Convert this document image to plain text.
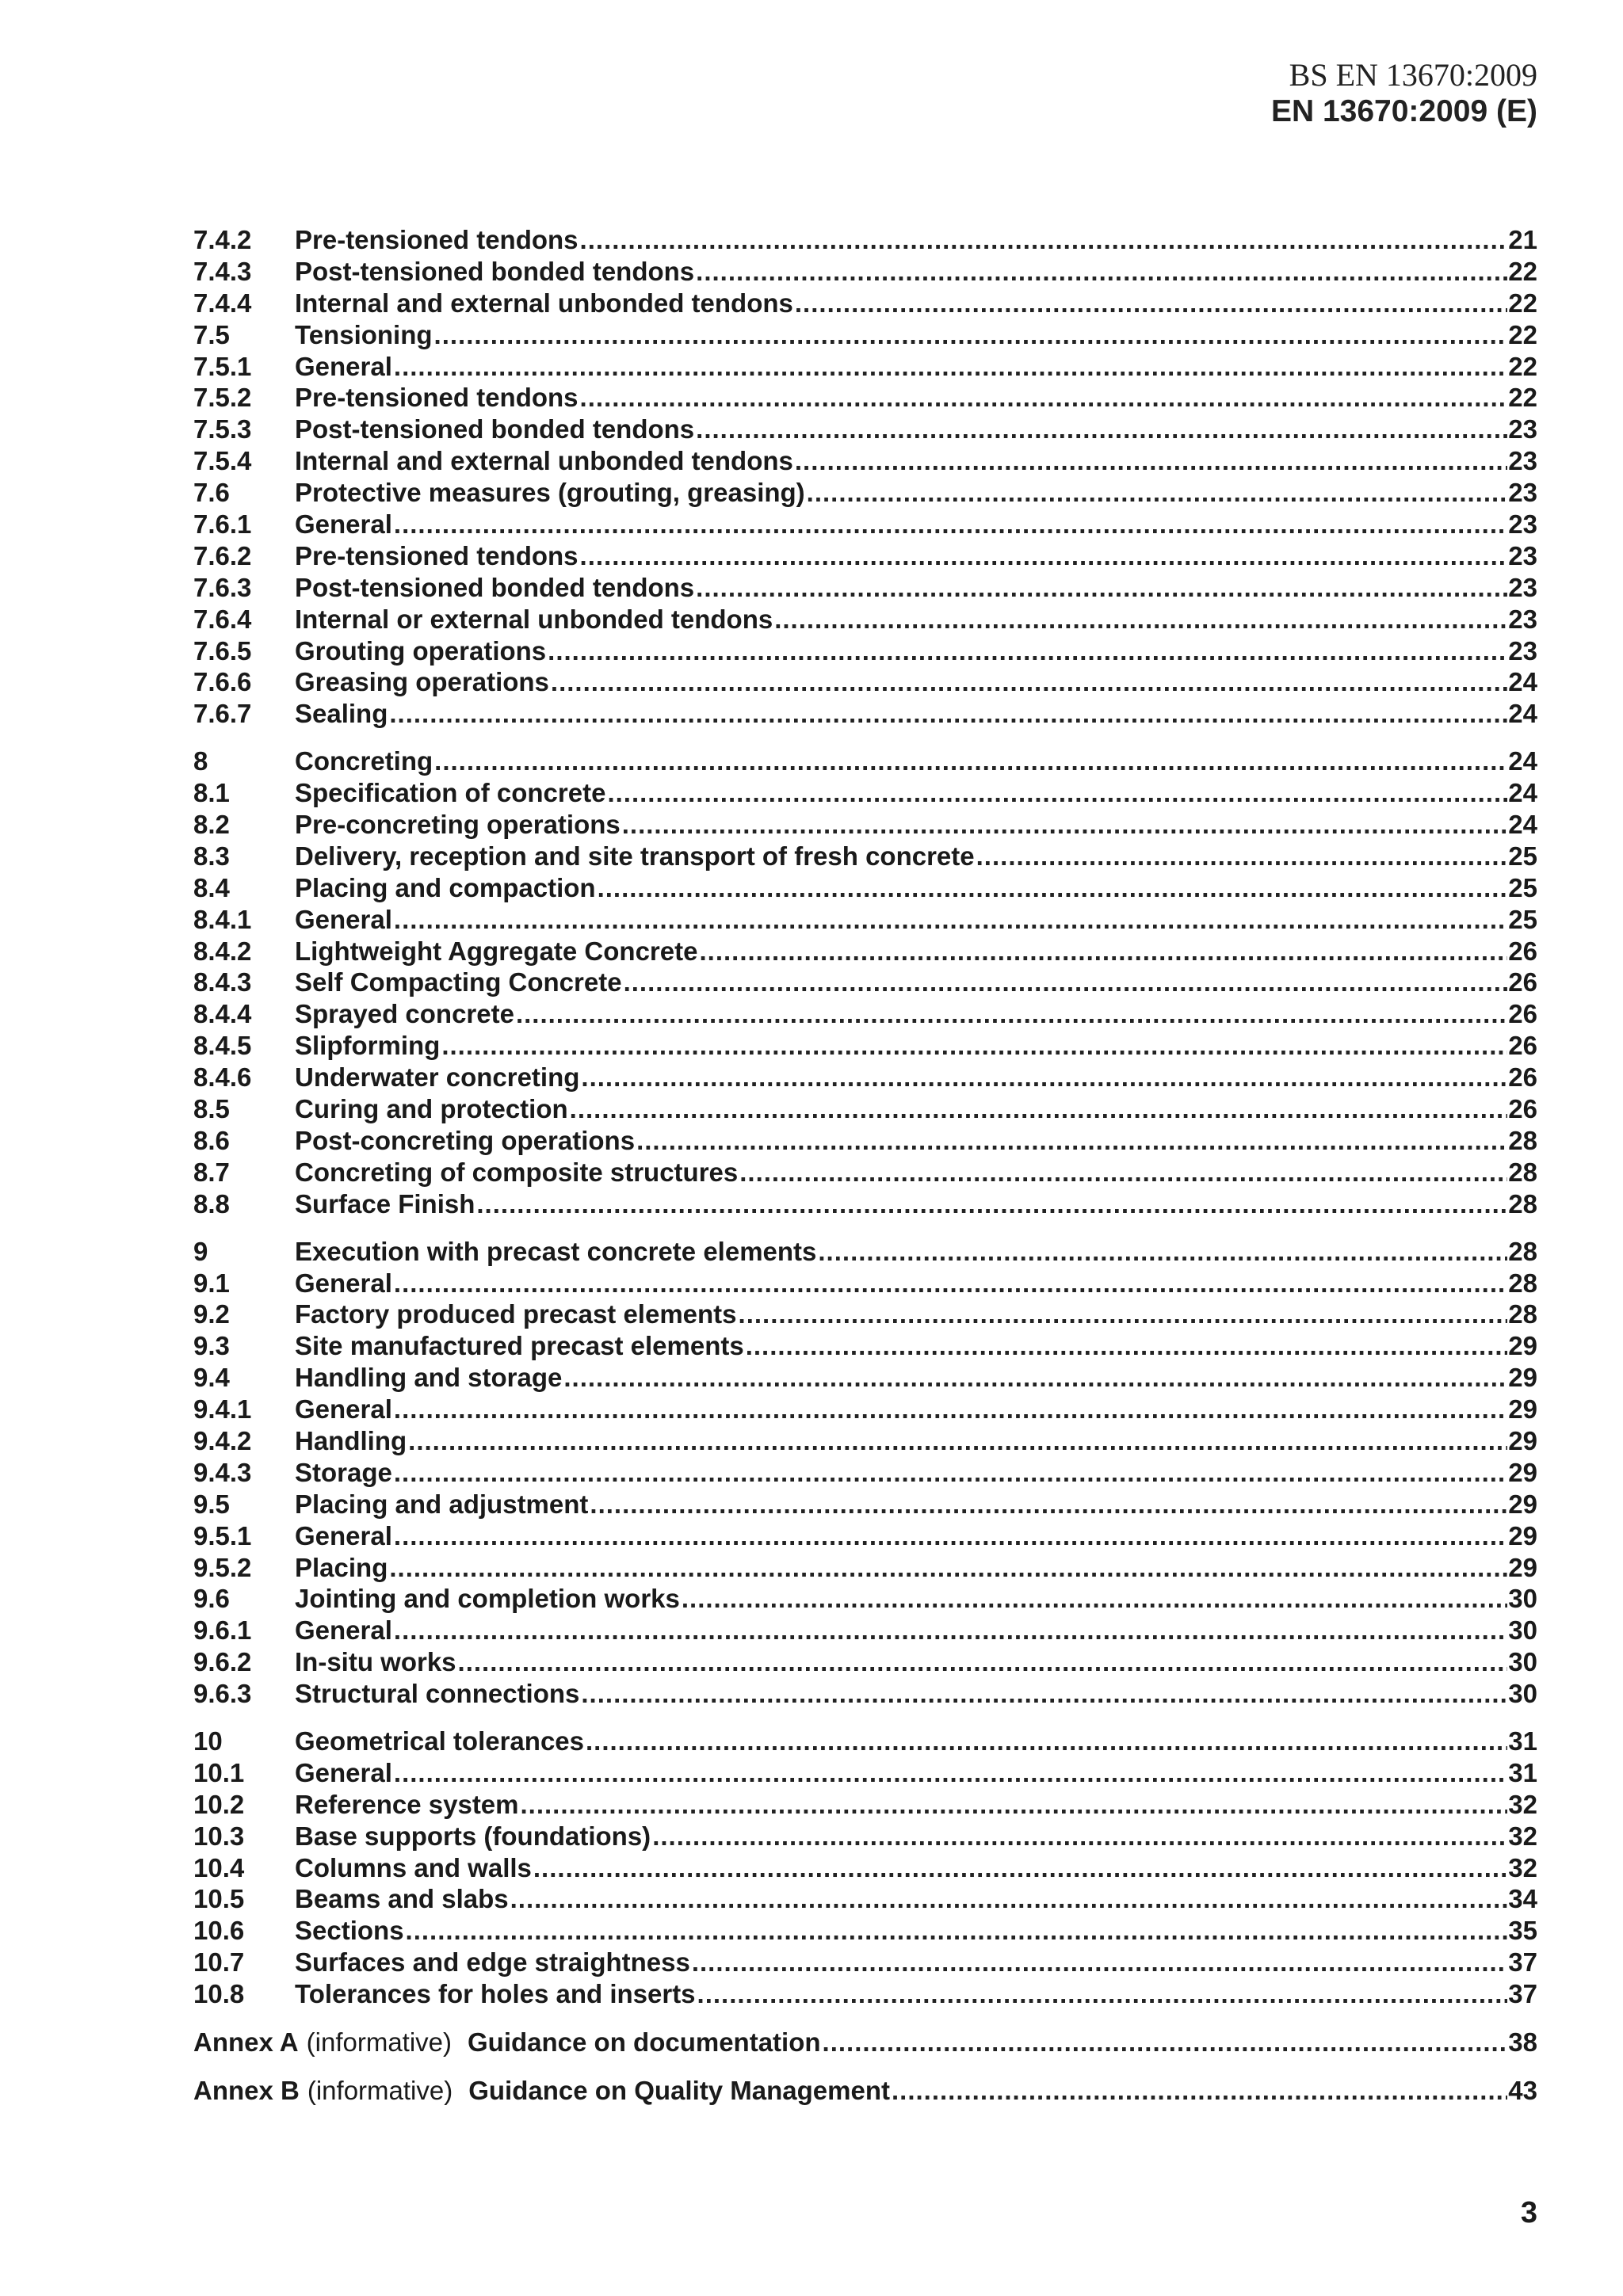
BS EN 13670:2009
EN 13670:2009 (E)
7.4.2	Pre-tensioned tendons .....	21
7.4.3	Post-tensioned bonded tendons .....	22
7.4.4	Internal and external unbonded tendons .....	22
7.5	Tensioning .....	22
7.5.1	General .....	22
7.5.2	Pre-tensioned tendons .....	22
7.5.3	Post-tensioned bonded tendons .....	23
7.5.4	Internal and external unbonded tendons .....	23
7.6	Protective measures (grouting, greasing) .....	23
7.6.1	General .....	23
7.6.2	Pre-tensioned tendons .....	23
7.6.3	Post-tensioned bonded tendons .....	23
7.6.4	Internal or external unbonded tendons .....	23
7.6.5	Grouting operations .....	23
7.6.6	Greasing operations .....	24
7.6.7	Sealing .....	24
8	Concreting .....	24
8.1	Specification of concrete .....	24
8.2	Pre-concreting operations .....	24
8.3	Delivery, reception and site transport of fresh concrete .....	25
8.4	Placing and compaction .....	25
8.4.1	General .....	25
8.4.2	Lightweight Aggregate Concrete .....	26
8.4.3	Self Compacting Concrete .....	26
8.4.4	Sprayed concrete .....	26
8.4.5	Slipforming .....	26
8.4.6	Underwater concreting .....	26
8.5	Curing and protection .....	26
8.6	Post-concreting operations .....	28
8.7	Concreting of composite structures .....	28
8.8	Surface Finish .....	28
9	Execution with precast concrete elements .....	28
9.1	General .....	28
9.2	Factory produced precast elements .....	28
9.3	Site manufactured precast elements .....	29
9.4	Handling and storage .....	29
9.4.1	General .....	29
9.4.2	Handling .....	29
9.4.3	Storage .....	29
9.5	Placing and adjustment .....	29
9.5.1	General .....	29
9.5.2	Placing .....	29
9.6	Jointing and completion works .....	30
9.6.1	General .....	30
9.6.2	In-situ works .....	30
9.6.3	Structural connections .....	30
10	Geometrical tolerances .....	31
10.1	General .....	31
10.2	Reference system .....	32
10.3	Base supports (foundations) .....	32
10.4	Columns and walls .....	32
10.5	Beams and slabs .....	34
10.6	Sections .....	35
10.7	Surfaces and edge straightness .....	37
10.8	Tolerances for holes and inserts .....	37
Annex A (informative) Guidance on documentation .....	38
Annex B (informative) Guidance on Quality Management .....	43
3
